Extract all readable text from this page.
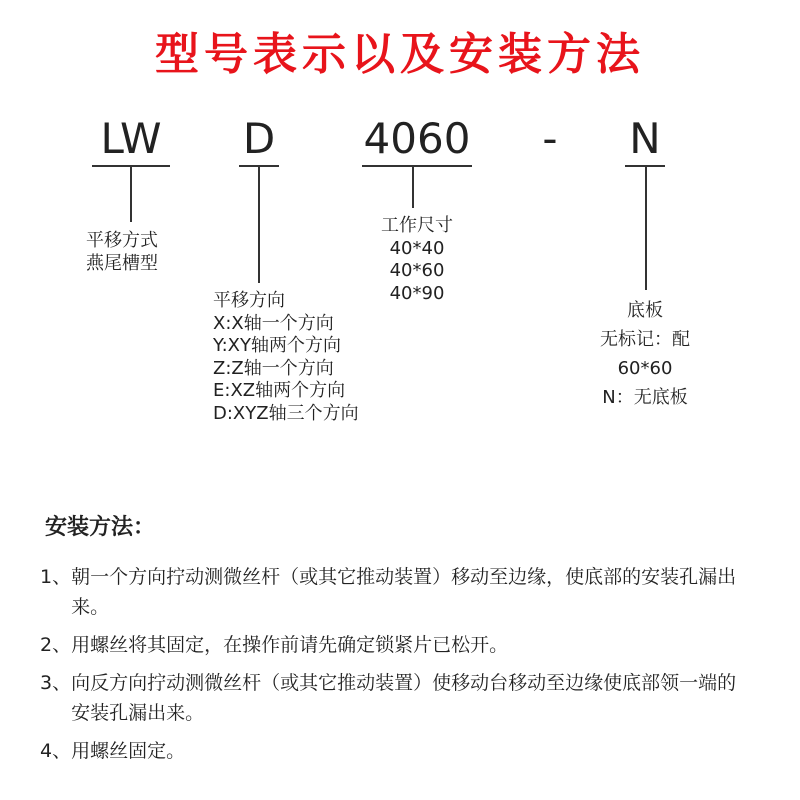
型号表示以及安装方法
LW D 4060 - N
平移方式
燕尾槽型
平移方向
X:X轴一个方向
Y:XY轴两个方向
Z:Z轴一个方向
E:XZ轴两个方向
D:XYZ轴三个方向
工作尺寸
40*40
40*60
40*90
底板
无标记：配
60*60
N：无底板
安装方法：
1、 朝一个方向拧动测微丝杆（或其它推动装置）移动至边缘，使底部的安装孔漏出来。
2、 用螺丝将其固定，在操作前请先确定锁紧片已松开。
3、 向反方向拧动测微丝杆（或其它推动装置）使移动台移动至边缘使底部领一端的安装孔漏出来。
4、 用螺丝固定。
